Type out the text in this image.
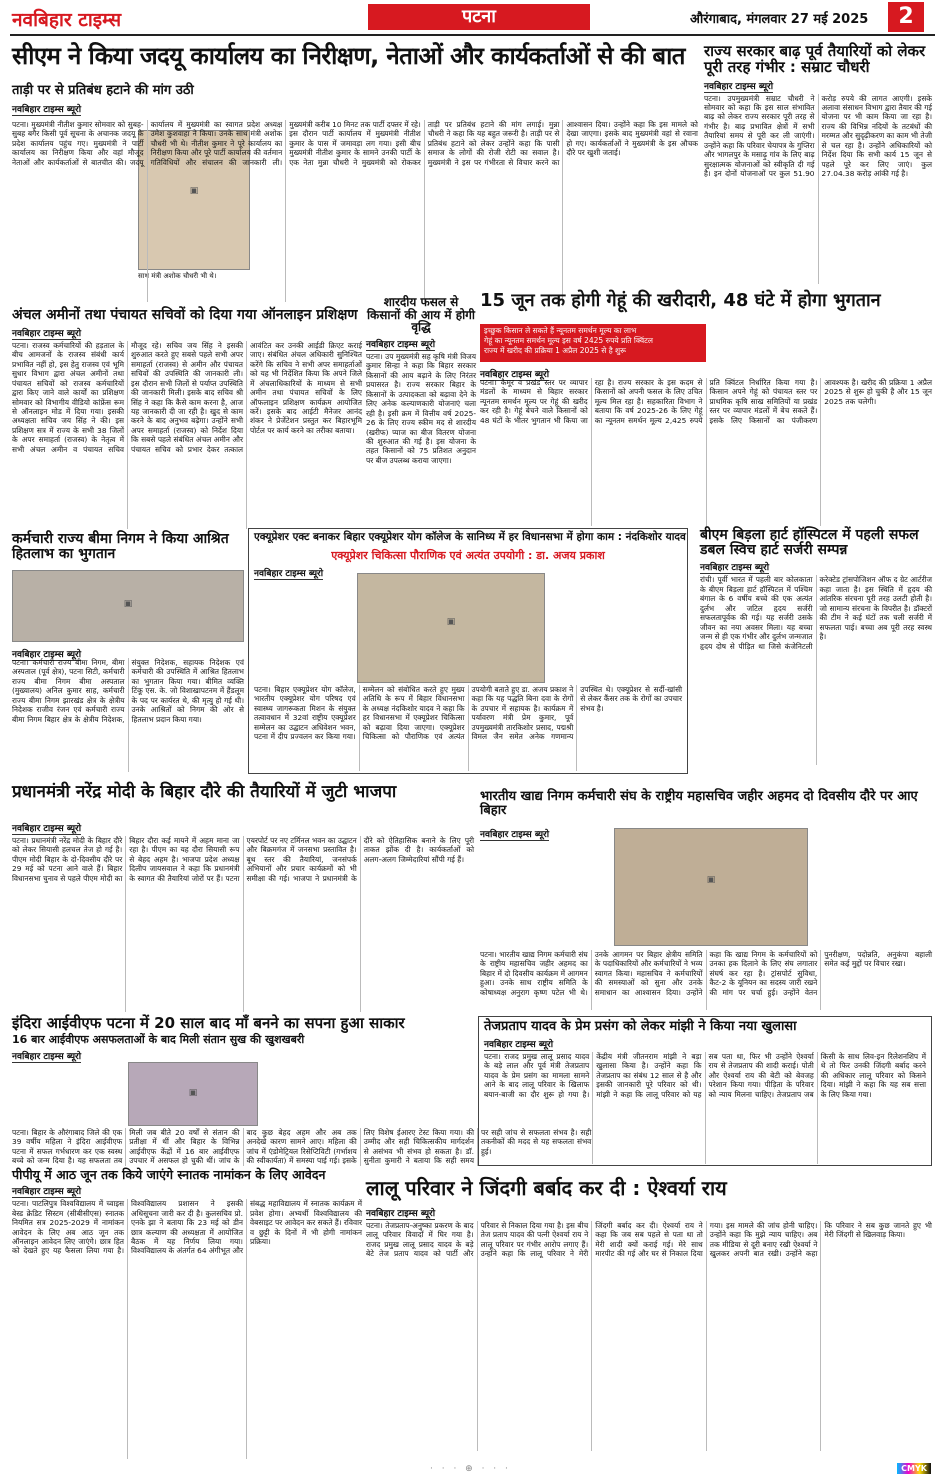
नवबिहार टाइम्स	पटना	औरंगाबाद, मंगलवार 27 मई 2025	2
सीएम ने किया जदयू कार्यालय का निरीक्षण, नेताओं और कार्यकर्ताओं से की बात
ताड़ी पर से प्रतिबंध हटाने की मांग उठी
नवबिहार टाइम्स ब्यूरो
▣
साथ मंत्री अशोक चौधरी भी थे।
पटना। मुख्यमंत्री नीतीश कुमार सोमवार को सुबह-सुबह बगैर किसी पूर्व सूचना के अचानक जदयू के प्रदेश कार्यालय पहुंच गए। मुख्यमंत्री ने पार्टी कार्यालय का निरीक्षण किया और वहां मौजूद नेताओं और कार्यकर्ताओं से बातचीत की। जदयू कार्यालय में मुख्यमंत्री का स्वागत प्रदेश अध्यक्ष उमेश कुशवाहा ने किया। उनके साथ मंत्री अशोक चौधरी भी थे। नीतीश कुमार ने पूरे कार्यालय का निरीक्षण किया और पूरे पार्टी कार्यालय की वर्तमान गतिविधियों और संचालन की जानकारी ली। मुख्यमंत्री करीब 10 मिनट तक पार्टी दफ्तर में रहे। इस दौरान पार्टी कार्यालय में मुख्यमंत्री नीतीश कुमार के पास में जमावड़ा लग गया। इसी बीच मुख्यमंत्री नीतीश कुमार के सामने उनकी पार्टी के एक नेता मुन्ना चौधरी ने मुख्यमंत्री को रोककर ताड़ी पर प्रतिबंध हटाने की मांग लगाई। मुन्ना चौधरी ने कहा कि यह बहुत जरूरी है। ताड़ी पर से प्रतिबंध हटाने को लेकर उन्होंने कहा कि पासी समाज के लोगों की रोजी रोटी का सवाल है। मुख्यमंत्री ने इस पर गंभीरता से विचार करने का आश्वासन दिया। उन्होंने कहा कि इस मामले को देखा जाएगा। इसके बाद मुख्यमंत्री वहां से रवाना हो गए। कार्यकर्ताओं ने मुख्यमंत्री के इस औचक दौरे पर खुशी जताई।
राज्य सरकार बाढ़ पूर्व तैयारियों को लेकर पूरी तरह गंभीर : सम्राट चौधरी
नवबिहार टाइम्स ब्यूरो
पटना। उपमुख्यमंत्री सम्राट चौधरी ने सोमवार को कहा कि इस साल संभावित बाढ़ को लेकर राज्य सरकार पूरी तरह से गंभीर है। बाढ़ प्रभावित क्षेत्रों में सभी तैयारियां समय से पूरी कर ली जाएंगी। उन्होंने कहा कि परिवार चेयापत्र के गुप्तिरा और भागलपुर के मसाढ़ु गांव के लिए बाढ़ सुरक्षात्मक योजनाओं को स्वीकृति दी गई है। इन दोनों योजनाओं पर कुल 51.90 करोड़ रुपये की लागत आएगी। इसके अलावा संसाधन विभाग द्वारा तैयार की गई योजना पर भी काम किया जा रहा है। राज्य की विभिन्न नदियों के तटबंधों की मरम्मत और सुदृढ़ीकरण का काम भी तेजी से चल रहा है। उन्होंने अधिकारियों को निर्देश दिया कि सभी कार्य 15 जून से पहले पूरे कर लिए जाएं। कुल 27.04.38 करोड़ आंकी गई है।
अंचल अमीनों तथा पंचायत सचिवों को दिया गया ऑनलाइन प्रशिक्षण
नवबिहार टाइम्स ब्यूरो
पटना। राजस्व कर्मचारियों की हड़ताल के बीच आमजनों के राजस्व संबंधी कार्य प्रभावित नहीं हो, इस हेतु राजस्व एवं भूमि सुधार विभाग द्वारा अंचल अमीनों तथा पंचायत सचिवों को राजस्व कर्मचारियों द्वारा किए जाने वाले कार्यों का प्रशिक्षण सोमवार को विभागीय वीडियो कांफ्रेंस रूम से ऑनलाइन मोड में दिया गया। इसकी अध्यक्षता सचिव जय सिंह ने की। इस प्रशिक्षण सत्र में राज्य के सभी 38 जिलों के अपर समाहर्ता (राजस्व) के नेतृत्व में सभी अंचल अमीन व पंचायत सचिव मौजूद रहे। सचिव जय सिंह ने इसकी शुरुआत करते हुए सबसे पहले सभी अपर समाहर्ता (राजस्व) से अमीन और पंचायत सचिवों की उपस्थिति की जानकारी ली। इस दौरान सभी जिलों से पर्याप्त उपस्थिति की जानकारी मिली। इसके बाद सचिव श्री सिंह ने कहा कि कैसे काम करना है, आज यह जानकारी दी जा रही है। खुद से काम करने के बाद अनुभव बढ़ेगा। उन्होंने सभी अपर समाहर्ता (राजस्व) को निर्देश दिया कि सबसे पहले संबंधित अंचल अमीन और पंचायत सचिव को प्रभार देकर तत्काल आवंटित कर उनकी आईडी क्रिएट कराई जाए। संबंधित अंचल अधिकारी सुनिश्चित करेंगे कि सचिव ने सभी अपर समाहर्ताओं को यह भी निर्देशित किया कि अपने जिले में अंचलाधिकारियों के माध्यम से सभी अमीन तथा पंचायत सचिवों के लिए ऑफलाइन प्रशिक्षण कार्यक्रम आयोजित करें। इसके बाद आईटी मैनेजर आनंद शंकर ने प्रेजेंटेशन प्रस्तुत कर बिहारभूमि पोर्टल पर कार्य करने का तरीका बताया।
शारदीय फसल से किसानों की आय में होगी वृद्धि
नवबिहार टाइम्स ब्यूरो
पटना। उप मुख्यमंत्री सह कृषि मंत्री विजय कुमार सिन्हा ने कहा कि बिहार सरकार किसानों की आय बढ़ाने के लिए निरंतर प्रयासरत है। राज्य सरकार बिहार के किसानों के उत्पादकता को बढ़ावा देने के लिए अनेक कल्याणकारी योजनाएं चला रही है। इसी क्रम में वित्तीय वर्ष 2025-26 के लिए राज्य स्कीम मद से शारदीय (खरीफ) प्याज का बीज वितरण योजना की शुरुआत की गई है। इस योजना के तहत किसानों को 75 प्रतिशत अनुदान पर बीज उपलब्ध कराया जाएगा।
15 जून तक होगी गेहूं की खरीदारी, 48 घंटे में होगा भुगतान
इच्छुक किसान ले सकते हैं न्यूनतम समर्थन मूल्य का लाभ
गेहूं का न्यूनतम समर्थन मूल्य इस वर्ष 2425 रुपये प्रति क्विंटल
राज्य में खरीद की प्रक्रिया 1 अप्रैल 2025 से है शुरू
नवबिहार टाइम्स ब्यूरो
पटना। कैमूर व प्रखंड स्तर पर व्यापार मंडलों के माध्यम से बिहार सरकार न्यूनतम समर्थन मूल्य पर गेहूं की खरीद कर रही है। गेहूं बेचने वाले किसानों को 48 घंटों के भीतर भुगतान भी किया जा रहा है। राज्य सरकार के इस कदम से किसानों को अपनी फसल के लिए उचित मूल्य मिल रहा है। सहकारिता विभाग ने बताया कि वर्ष 2025-26 के लिए गेहूं का न्यूनतम समर्थन मूल्य 2,425 रुपये प्रति क्विंटल निर्धारित किया गया है। किसान अपने गेहूं को पंचायत स्तर पर प्राथमिक कृषि साख समितियों या प्रखंड स्तर पर व्यापार मंडलों में बेच सकते हैं। इसके लिए किसानों का पंजीकरण आवश्यक है। खरीद की प्रक्रिया 1 अप्रैल 2025 से शुरू हो चुकी है और 15 जून 2025 तक चलेगी।
कर्मचारी राज्य बीमा निगम ने किया आश्रित हितलाभ का भुगतान
▣
नवबिहार टाइम्स ब्यूरो
पटना। कर्मचारी राज्य बीमा निगम, बीमा अस्पताल (पूर्व क्षेत्र), पटना सिटी, कर्मचारी राज्य बीमा निगम बीमा अस्पताल (मुख्यालय) अनिल कुमार साह, कर्मचारी राज्य बीमा निगम झारखंड क्षेत्र के क्षेत्रीय निदेशक राजीव रंजन एवं कर्मचारी राज्य बीमा निगम बिहार क्षेत्र के क्षेत्रीय निदेशक, संयुक्त निदेशक, सहायक निदेशक एवं कर्मचारी की उपस्थिति में आश्रित हितलाभ का भुगतान किया गया। बीमित व्यक्ति टिंकू एस. के. जो विशाखापटनम में हैंडलूम के पद पर कार्यरत थे, की मृत्यु हो गई थी। उनके आश्रितों को निगम की ओर से हितलाभ प्रदान किया गया।
एक्यूप्रेशर एक्ट बनाकर बिहार एक्यूप्रेशर योग कॉलेज के सानिध्य में हर विधानसभा में होगा काम : नंदकिशोर यादव
एक्यूप्रेशर चिकित्सा पौराणिक एवं अत्यंत उपयोगी : डा. अजय प्रकाश
नवबिहार टाइम्स ब्यूरो
▣
पटना। बिहार एक्यूप्रेशर योग कॉलेज, भारतीय एक्यूप्रेशर योग परिषद एवं स्वास्थ्य जागरूकता मिशन के संयुक्त तत्वावधान में 32वां राष्ट्रीय एक्यूप्रेशर सम्मेलन का उद्घाटन अधिवेशन भवन, पटना में दीप प्रज्वलन कर किया गया। सम्मेलन को संबोधित करते हुए मुख्य अतिथि के रूप में बिहार विधानसभा के अध्यक्ष नंदकिशोर यादव ने कहा कि हर विधानसभा में एक्यूप्रेशर चिकित्सा को बढ़ावा दिया जाएगा। एक्यूप्रेशर चिकित्सा को पौराणिक एवं अत्यंत उपयोगी बताते हुए डा. अजय प्रकाश ने कहा कि यह पद्धति बिना दवा के रोगों के उपचार में सहायक है। कार्यक्रम में पर्यावरण मंत्री प्रेम कुमार, पूर्व उपमुख्यमंत्री तारकिशोर प्रसाद, पद्मश्री विमल जैन समेत अनेक गणमान्य उपस्थित थे। एक्यूप्रेशर से सर्दी-खांसी से लेकर कैंसर तक के रोगों का उपचार संभव है।
बीएम बिड़ला हार्ट हॉस्पिटल में पहली सफल डबल स्विच हार्ट सर्जरी सम्पन्न
नवबिहार टाइम्स ब्यूरो
रांची। पूर्वी भारत में पहली बार कोलकाता के बीएम बिड़ला हार्ट हॉस्पिटल में पश्चिम बंगाल के 6 वर्षीय बच्चे की एक अत्यंत दुर्लभ और जटिल हृदय सर्जरी सफलतापूर्वक की गई। यह सर्जरी उसके जीवन का नया अवसर मिला। यह बच्चा जन्म से ही एक गंभीर और दुर्लभ जन्मजात हृदय दोष से पीड़ित था जिसे कंजेनिटली करेक्टेड ट्रांसपोजिशन ऑफ द ग्रेट आर्टरीज कहा जाता है। इस स्थिति में हृदय की आंतरिक संरचना पूरी तरह उलटी होती है। जो सामान्य संरचना के विपरीत है। डॉक्टरों की टीम ने कई घंटों तक चली सर्जरी में सफलता पाई। बच्चा अब पूरी तरह स्वस्थ है।
प्रधानमंत्री नरेंद्र मोदी के बिहार दौरे की तैयारियों में जुटी भाजपा
नवबिहार टाइम्स ब्यूरो
पटना। प्रधानमंत्री नरेंद्र मोदी के बिहार दौरे को लेकर सियासी हलचल तेज हो गई है। पीएम मोदी बिहार के दो-दिवसीय दौरे पर 29 मई को पटना आने वाले हैं। बिहार विधानसभा चुनाव से पहले पीएम मोदी का बिहार दौरा कई मायने में अहम माना जा रहा है। पीएम का यह दौरा सियासी रूप से बेहद अहम है। भाजपा प्रदेश अध्यक्ष दिलीप जायसवाल ने कहा कि प्रधानमंत्री के स्वागत की तैयारियां जोरों पर हैं। पटना एयरपोर्ट पर नए टर्मिनल भवन का उद्घाटन और बिक्रमगंज में जनसभा प्रस्तावित है। बूथ स्तर की तैयारियां, जनसंपर्क अभियानों और प्रचार कार्यक्रमों को भी समीक्षा की गई। भाजपा ने प्रधानमंत्री के दौरे को ऐतिहासिक बनाने के लिए पूरी ताकत झोंक दी है। कार्यकर्ताओं को अलग-अलग जिम्मेदारियां सौंपी गई हैं।
भारतीय खाद्य निगम कर्मचारी संघ के राष्ट्रीय महासचिव जहीर अहमद दो दिवसीय दौरे पर आए बिहार
नवबिहार टाइम्स ब्यूरो
▣
पटना। भारतीय खाद्य निगम कर्मचारी संघ के राष्ट्रीय महासचिव जहीर अहमद का बिहार में दो दिवसीय कार्यक्रम में आगमन हुआ। उनके साथ राष्ट्रीय समिति के कोषाध्यक्ष अनुराग कृष्ण पटेल भी थे। उनके आगमन पर बिहार क्षेत्रीय समिति के पदाधिकारियों और कर्मचारियों ने भव्य स्वागत किया। महासचिव ने कर्मचारियों की समस्याओं को सुना और उनके समाधान का आश्वासन दिया। उन्होंने कहा कि खाद्य निगम के कर्मचारियों को उनका हक दिलाने के लिए संघ लगातार संघर्ष कर रहा है। ट्रांसपोर्ट सुविधा, कैट-2 के यूनियन का सदस्य जारी रखने की मांग पर चर्चा हुई। उन्होंने वेतन पुनरीक्षण, पदोन्नति, अनुकंपा बहाली समेत कई मुद्दों पर विचार रखा।
इंदिरा आईवीएफ पटना में 20 साल बाद माँ बनने का सपना हुआ साकार
16 बार आईवीएफ असफलताओं के बाद मिली संतान सुख की खुशखबरी
नवबिहार टाइम्स ब्यूरो
▣
पटना। बिहार के औरंगाबाद जिले की एक 39 वर्षीय महिला ने इंदिरा आईवीएफ पटना में सफल गर्भधारण कर एक स्वस्थ बच्चे को जन्म दिया है। यह सफलता तब मिली जब बीते 20 वर्षों से संतान की प्रतीक्षा में थीं और बिहार के विभिन्न आईवीएफ केंद्रों में 16 बार आईवीएफ उपचार में असफल हो चुकी थीं। जांच के बाद कुछ बेहद अहम और अब तक अनदेखे कारण सामने आए। महिला की जांच में एंडोमेट्रियल रिसेप्टिविटी (गर्भाशय की स्वीकार्यता) में समस्या पाई गई। इसके लिए विशेष ईआरए टेस्ट किया गया। की उम्मीद और सही चिकित्सकीय मार्गदर्शन से असंभव भी संभव हो सकता है। डॉ. सुनीता कुमारी ने बताया कि सही समय पर सही जांच से सफलता संभव है। सही तकनीकों की मदद से यह सफलता संभव हुई।
तेजप्रताप यादव के प्रेम प्रसंग को लेकर मांझी ने किया नया खुलासा
नवबिहार टाइम्स ब्यूरो
पटना। राजद प्रमुख लालू प्रसाद यादव के बड़े लाल और पूर्व मंत्री तेजप्रताप यादव के प्रेम प्रसंग का मामला सामने आने के बाद लालू परिवार के खिलाफ बयान-बाजी का दौर शुरू हो गया है। केंद्रीय मंत्री जीतनराम मांझी ने बड़ा खुलासा किया है। उन्होंने कहा कि तेजप्रताप का संबंध 12 साल से है और इसकी जानकारी पूरे परिवार को थी। मांझी ने कहा कि लालू परिवार को यह सब पता था, फिर भी उन्होंने ऐश्वर्या राय से तेजप्रताप की शादी कराई। पोती और ऐश्वर्या राय की बेटी को बेवजह परेशान किया गया। पीड़िता के परिवार को न्याय मिलना चाहिए। तेजप्रताप जब किसी के साथ लिव-इन रिलेशनशिप में थे तो फिर उनकी जिंदगी बर्बाद करने की अधिकार लालू परिवार को किसने दिया। मांझी ने कहा कि यह सब सत्ता के लिए किया गया।
पीपीयू में आठ जून तक किये जाएंगे स्नातक नामांकन के लिए आवेदन
नवबिहार टाइम्स ब्यूरो
पटना। पाटलिपुत्र विश्वविद्यालय में च्वाइस बेस्ड क्रेडिट सिस्टम (सीबीसीएस) स्नातक नियमित सत्र 2025-2029 में नामांकन आवेदन के लिए अब आठ जून तक ऑनलाइन आवेदन लिए जाएंगे। छात्र हित को देखते हुए यह फैसला लिया गया है। विश्वविद्यालय प्रशासन ने इसकी अधिसूचना जारी कर दी है। कुलसचिव प्रो. एनके झा ने बताया कि 23 मई को डीन छात्र कल्याण की अध्यक्षता में आयोजित बैठक में यह निर्णय लिया गया। विश्वविद्यालय के अंतर्गत 64 अंगीभूत और संबद्ध महाविद्यालय में स्नातक कार्यक्रम में प्रवेश होगा। अभ्यर्थी विश्वविद्यालय की वेबसाइट पर आवेदन कर सकते हैं। रविवार व छुट्टी के दिनों में भी होगी नामांकन प्रक्रिया।
लालू परिवार ने जिंदगी बर्बाद कर दी : ऐश्वर्या राय
नवबिहार टाइम्स ब्यूरो
पटना। तेजप्रताप-अनुष्का प्रकरण के बाद लालू परिवार विवादों में घिर गया है। राजद प्रमुख लालू प्रसाद यादव के बड़े बेटे तेज प्रताप यादव को पार्टी और परिवार से निकाल दिया गया है। इस बीच तेज प्रताप यादव की पत्नी ऐश्वर्या राय ने लालू परिवार पर गंभीर आरोप लगाए हैं। उन्होंने कहा कि लालू परिवार ने मेरी जिंदगी बर्बाद कर दी। ऐश्वर्या राय ने कहा कि जब सब पहले से पता था तो मेरी शादी क्यों कराई गई। मेरे साथ मारपीट की गई और घर से निकाल दिया गया। इस मामले की जांच होनी चाहिए। उन्होंने कहा कि मुझे न्याय चाहिए। अब तक मीडिया से दूरी बनाए रखी ऐश्वर्या ने खुलकर अपनी बात रखी। उन्होंने कहा कि परिवार ने सब कुछ जानते हुए भी मेरी जिंदगी से खिलवाड़ किया।
· · · ⊕ · · ·	CMYK
